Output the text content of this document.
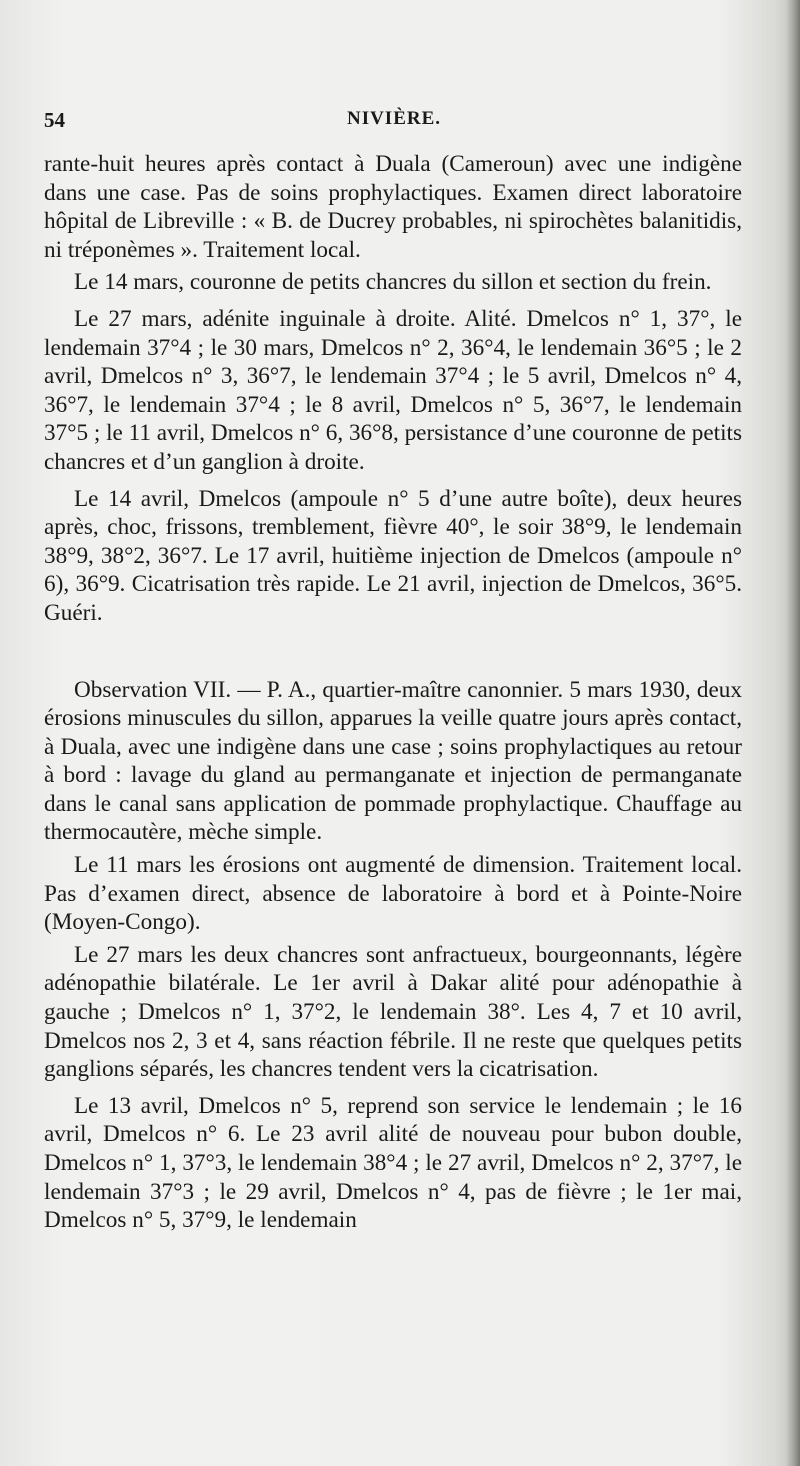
54	NIVIÈRE.

rante-huit heures après contact à Duala (Cameroun) avec une indigène dans une case. Pas de soins prophylactiques. Examen direct laboratoire hôpital de Libreville : « B. de Ducrey probables, ni spirochètes balanitidis, ni tréponèmes ». Traitement local.

Le 14 mars, couronne de petits chancres du sillon et section du frein.

Le 27 mars, adénite inguinale à droite. Alité. Dmelcos n° 1, 37°, le lendemain 37°4 ; le 30 mars, Dmelcos n° 2, 36°4, le lendemain 36°5 ; le 2 avril, Dmelcos n° 3, 36°7, le lendemain 37°4 ; le 5 avril, Dmelcos n° 4, 36°7, le lendemain 37°4 ; le 8 avril, Dmelcos n° 5, 36°7, le lendemain 37°5 ; le 11 avril, Dmelcos n° 6, 36°8, persistance d’une couronne de petits chancres et d’un ganglion à droite.

Le 14 avril, Dmelcos (ampoule n° 5 d’une autre boîte), deux heures après, choc, frissons, tremblement, fièvre 40°, le soir 38°9, le lendemain 38°9, 38°2, 36°7. Le 17 avril, huitième injection de Dmelcos (ampoule n° 6), 36°9. Cicatrisation très rapide. Le 21 avril, injection de Dmelcos, 36°5. Guéri.

Observation VII. — P. A., quartier-maître canonnier. 5 mars 1930, deux érosions minuscules du sillon, apparues la veille quatre jours après contact, à Duala, avec une indigène dans une case ; soins prophylactiques au retour à bord : lavage du gland au permanganate et injection de permanganate dans le canal sans application de pommade prophylactique. Chauffage au thermocautère, mèche simple.

Le 11 mars les érosions ont augmenté de dimension. Traitement local. Pas d’examen direct, absence de laboratoire à bord et à Pointe-Noire (Moyen-Congo).

Le 27 mars les deux chancres sont anfractueux, bourgeonnants, légère adénopathie bilatérale. Le 1er avril à Dakar alité pour adénopathie à gauche ; Dmelcos n° 1, 37°2, le lendemain 38°. Les 4, 7 et 10 avril, Dmelcos nos 2, 3 et 4, sans réaction fébrile. Il ne reste que quelques petits ganglions séparés, les chancres tendent vers la cicatrisation.

Le 13 avril, Dmelcos n° 5, reprend son service le lendemain ; le 16 avril, Dmelcos n° 6. Le 23 avril alité de nouveau pour bubon double, Dmelcos n° 1, 37°3, le lendemain 38°4 ; le 27 avril, Dmelcos n° 2, 37°7, le lendemain 37°3 ; le 29 avril, Dmelcos n° 4, pas de fièvre ; le 1er mai, Dmelcos n° 5, 37°9, le lendemain
